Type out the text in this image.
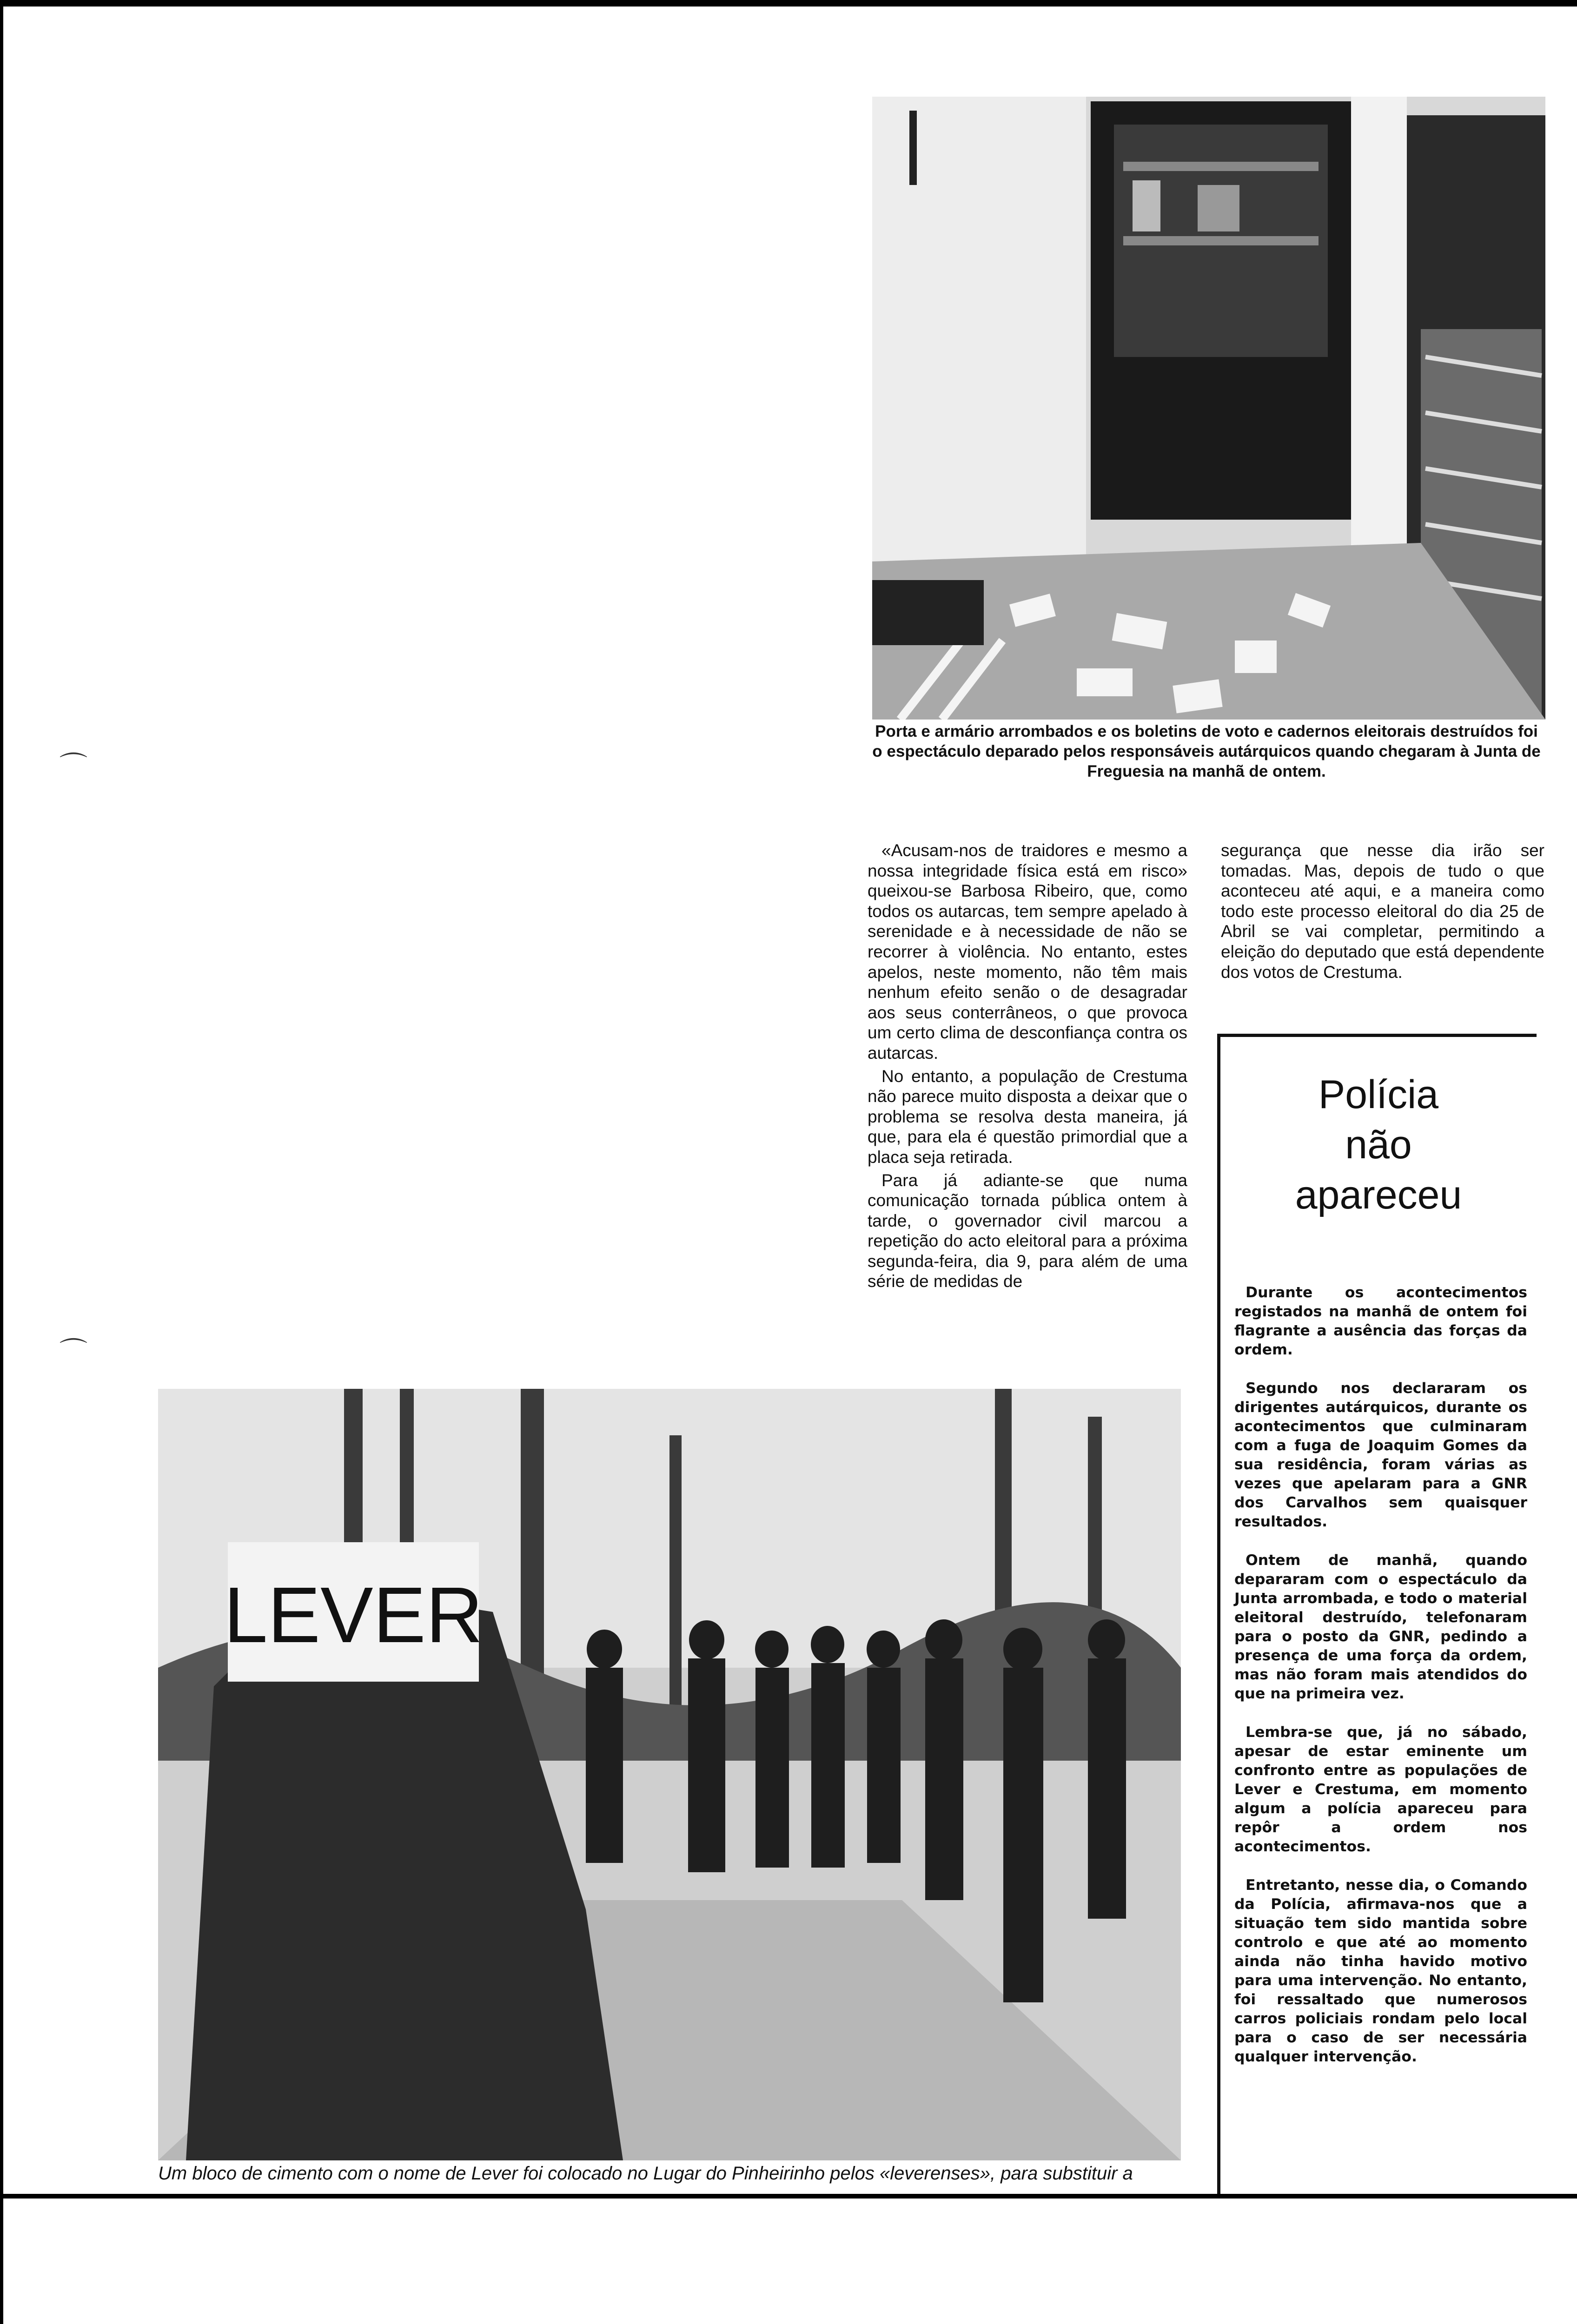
⌒
⌒
Porta e armário arrombados e os boletins de voto e cadernos eleitorais destruídos foi o espectáculo deparado pelos responsáveis autárquicos quando chegaram à Junta de Freguesia na manhã de ontem.

«Acusam-nos de traidores e mesmo a nossa integridade física está em risco» queixou-se Barbosa Ribeiro, que, como todos os autarcas, tem sempre apelado à serenidade e à necessidade de não se recorrer à violência. No entanto, estes apelos, neste momento, não têm mais nenhum efeito senão o de desagradar aos seus conterrâneos, o que provoca um certo clima de desconfiança contra os autarcas.

No entanto, a população de Crestuma não parece muito disposta a deixar que o problema se resolva desta maneira, já que, para ela é questão primordial que a placa seja retirada.

Para já adiante-se que numa comunicação tornada pública ontem à tarde, o governador civil marcou a repetição do acto eleitoral para a próxima segunda-feira, dia 9, para além de uma série de medidas de

segurança que nesse dia irão ser tomadas. Mas, depois de tudo o que aconteceu até aqui, e a maneira como todo este processo eleitoral do dia 25 de Abril se vai completar, permitindo a eleição do deputado que está dependente dos votos de Crestuma.

Polícia
não
apareceu

Durante os acontecimentos registados na manhã de ontem foi flagrante a ausência das forças da ordem.

Segundo nos declararam os dirigentes autárquicos, durante os acontecimentos que culminaram com a fuga de Joaquim Gomes da sua residência, foram várias as vezes que apelaram para a GNR dos Carvalhos sem quaisquer resultados.

Ontem de manhã, quando depararam com o espectáculo da Junta arrombada, e todo o material eleitoral destruído, telefonaram para o posto da GNR, pedindo a presença de uma força da ordem, mas não foram mais atendidos do que na primeira vez.

Lembra-se que, já no sábado, apesar de estar eminente um confronto entre as populações de Lever e Crestuma, em momento algum a polícia apareceu para repôr a ordem nos acontecimentos.

Entretanto, nesse dia, o Comando da Polícia, afirmava-nos que a situação tem sido mantida sobre controlo e que até ao momento ainda não tinha havido motivo para uma intervenção. No entanto, foi ressaltado que numerosos carros policiais rondam pelo local para o caso de ser necessária qualquer intervenção.

LEVER
Um bloco de cimento com o nome de Lever foi colocado no Lugar do Pinheirinho pelos «leverenses», para substituir a
